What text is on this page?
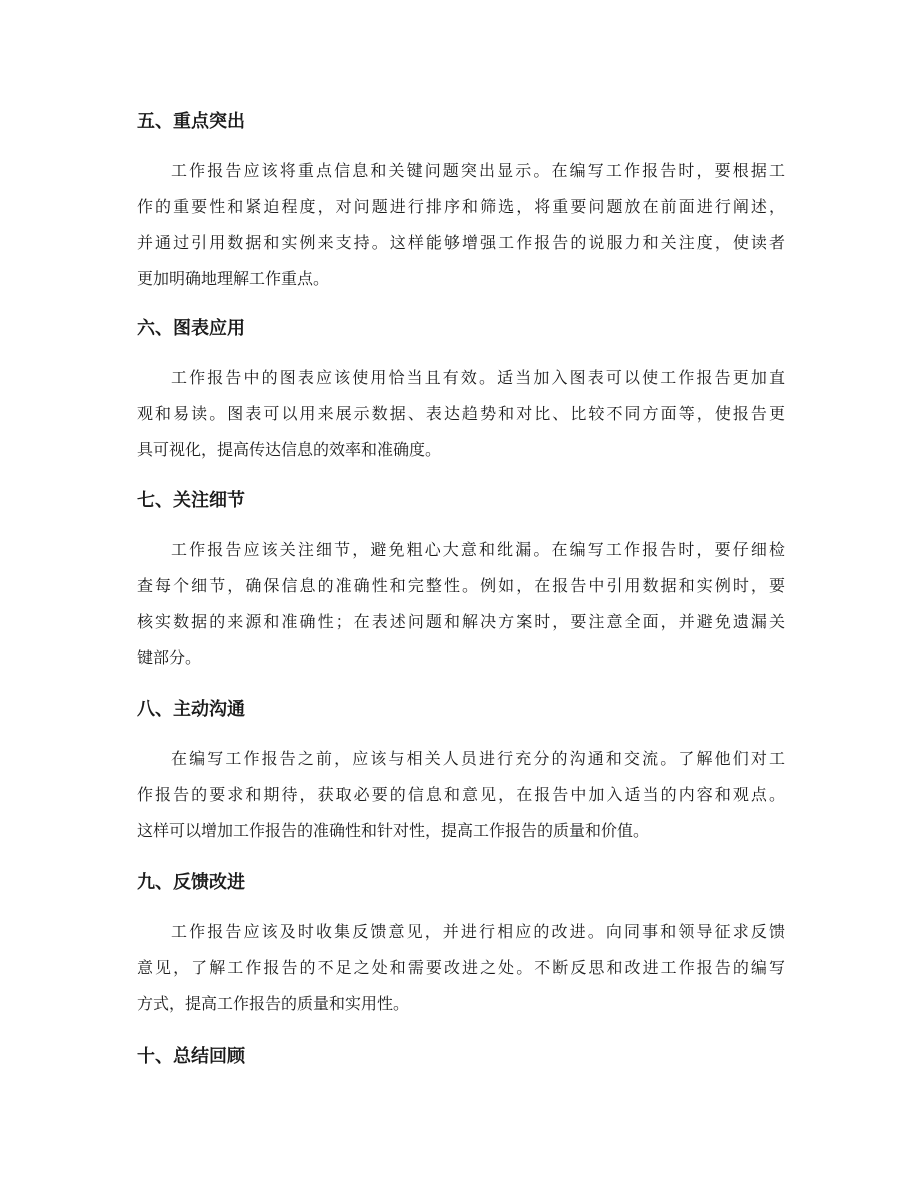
五、重点突出
工作报告应该将重点信息和关键问题突出显示。在编写工作报告时，要根据工
作的重要性和紧迫程度，对问题进行排序和筛选，将重要问题放在前面进行阐述，
并通过引用数据和实例来支持。这样能够增强工作报告的说服力和关注度，使读者
更加明确地理解工作重点。
六、图表应用
工作报告中的图表应该使用恰当且有效。适当加入图表可以使工作报告更加直
观和易读。图表可以用来展示数据、表达趋势和对比、比较不同方面等，使报告更
具可视化，提高传达信息的效率和准确度。
七、关注细节
工作报告应该关注细节，避免粗心大意和纰漏。在编写工作报告时，要仔细检
查每个细节，确保信息的准确性和完整性。例如，在报告中引用数据和实例时，要
核实数据的来源和准确性；在表述问题和解决方案时，要注意全面，并避免遗漏关
键部分。
八、主动沟通
在编写工作报告之前，应该与相关人员进行充分的沟通和交流。了解他们对工
作报告的要求和期待，获取必要的信息和意见，在报告中加入适当的内容和观点。
这样可以增加工作报告的准确性和针对性，提高工作报告的质量和价值。
九、反馈改进
工作报告应该及时收集反馈意见，并进行相应的改进。向同事和领导征求反馈
意见，了解工作报告的不足之处和需要改进之处。不断反思和改进工作报告的编写
方式，提高工作报告的质量和实用性。
十、总结回顾
